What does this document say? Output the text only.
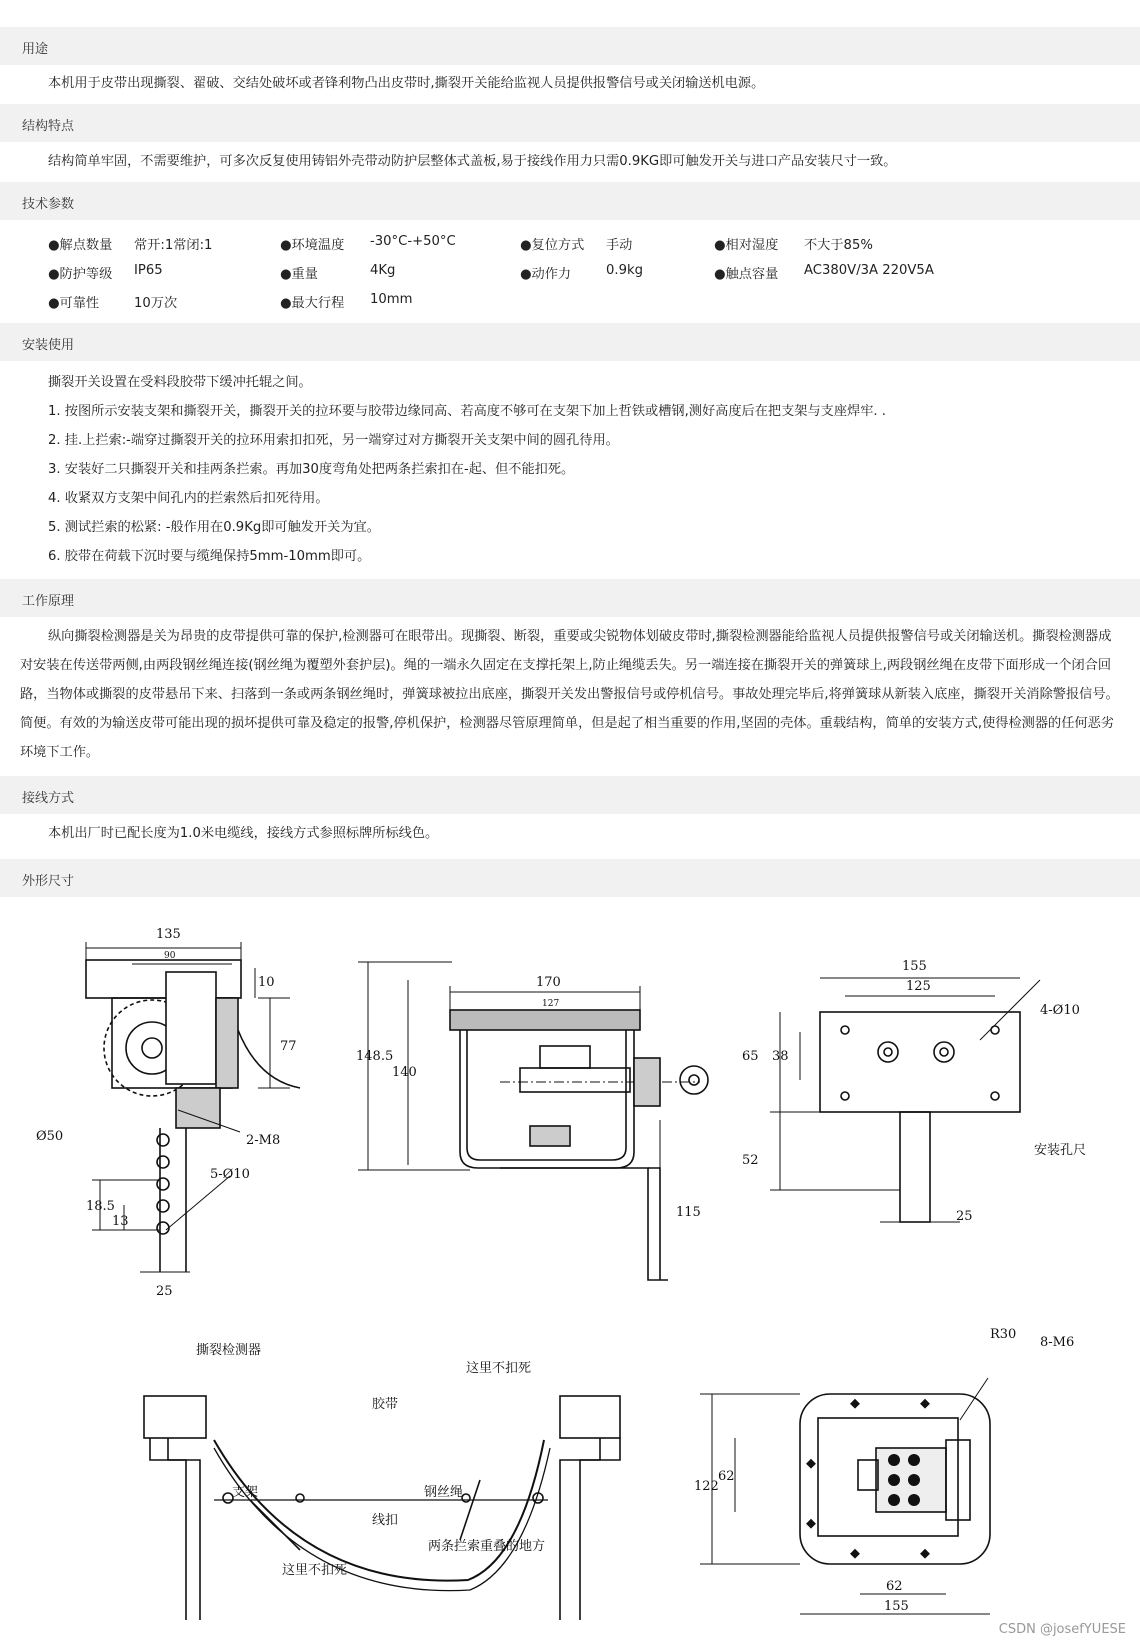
用途
本机用于皮带出现撕裂、翟破、交结处破坏或者锋利物凸出皮带时,撕裂开关能给监视人员提供报警信号或关闭输送机电源。
结构特点
结构简单牢固，不需要维护，可多次反复使用铸铝外壳带动防护层整体式盖板,易于接线作用力只需0.9KG即可触发开关与进口产品安装尺寸一致。
技术参数
●解点数量 常开:1常闭:1	●环境温度 -30°C-+50°C	●复位方式 手动	●相对湿度 不大于85%
●防护等级 IP65	●重量	4Kg	●动作力	0.9kg	●触点容量 AC380V/3A 220V5A
●可靠性	10万次	●最大行程 10mm
安装使用

撕裂开关设置在受料段胶带下缓冲托辊之间。

1. 按图所示安装支架和撕裂开关，撕裂开关的拉环要与胶带边缘同高、若高度不够可在支架下加上哲铁或槽钢,测好高度后在把支架与支座焊牢. .

2. 挂.上拦索:-端穿过撕裂开关的拉环用索扣扣死，另一端穿过对方撕裂开关支架中间的圆孔待用。

3. 安装好二只撕裂开关和挂两条拦索。再加30度弯角处把两条拦索扣在-起、但不能扣死。

4. 收紧双方支架中间孔内的拦索然后扣死待用。

5. 测试拦索的松紧: -般作用在0.9Kg即可触发开关为宜。

6. 胶带在荷载下沉时要与缆绳保持5mm-10mm即可。

工作原理
纵向撕裂检测器是关为昂贵的皮带提供可靠的保护,检测器可在眼带出。现撕裂、断裂，重要或尖锐物体划破皮带时,撕裂检测器能给监视人员提供报警信号或关闭输送机。撕裂检测器成对安装在传送带两侧,由两段钢丝绳连接(钢丝绳为覆塑外套护层)。绳的一端永久固定在支撑托架上,防止绳缆丢失。另一端连接在撕裂开关的弹簧球上,两段钢丝绳在皮带下面形成一个闭合回路，当物体或撕裂的皮带悬吊下来、扫落到一条或两条钢丝绳时，弹簧球被拉出底座，撕裂开关发出警报信号或停机信号。事故处理完毕后,将弹簧球从新装入底座，撕裂开关消除警报信号。简便。有效的为输送皮带可能出现的损坏提供可靠及稳定的报警,停机保护，检测器尽管原理简单，但是起了相当重要的作用,坚固的壳体。重载结构，简单的安装方式,使得检测器的任何恶劣环境下工作。
接线方式
本机出厂时已配长度为1.0米电缆线，接线方式参照标牌所标线色。
外形尺寸
135
90
10
77
Ø50	2-M8
5-Ø10
18.5
13
25
170
127
148.5
140
115
155
125
4-Ø10
65 38
52
25
安装孔尺
撕裂检测器
这里不扣死
胶带
支架	钢丝绳
线扣
两条拦索重叠的地方
这里不扣死
R30
8-M6
122
62
62
155
CSDN @josefYUESE
